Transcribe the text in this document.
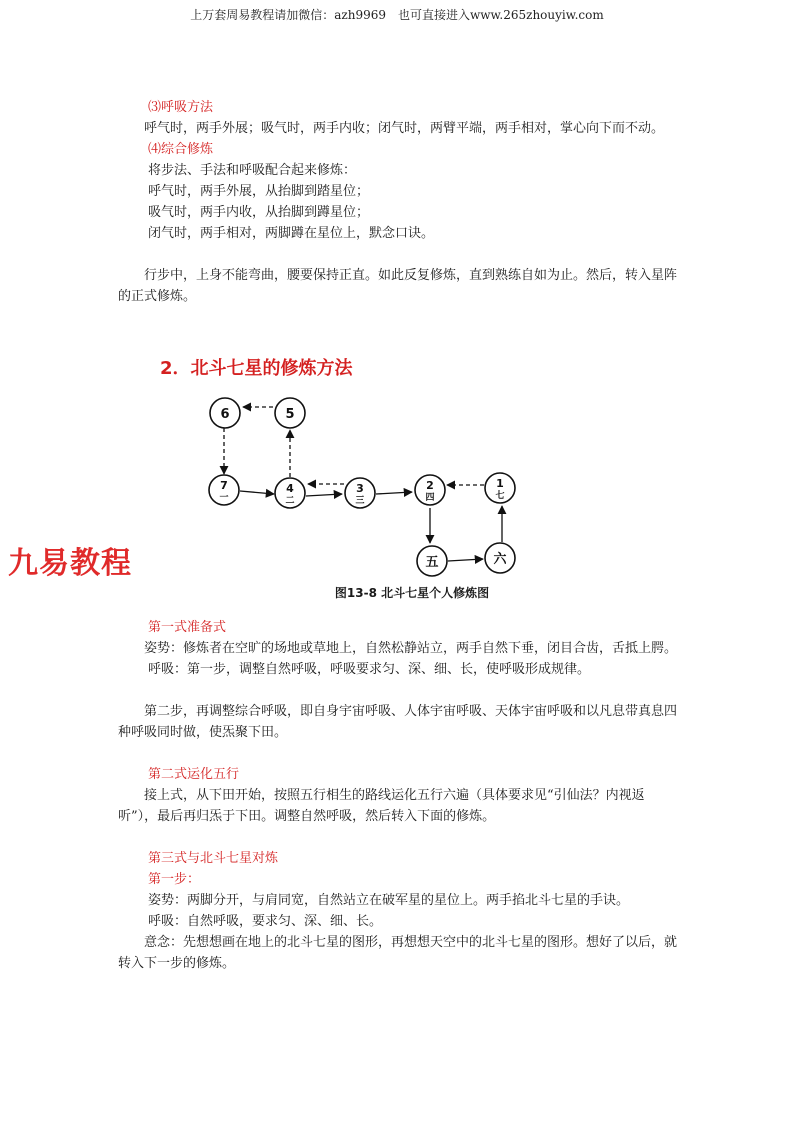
上万套周易教程请加微信：azh9969　也可直接进入www.265zhouyiw.com

⑶呼吸方法

呼气时，两手外展；吸气时，两手内收；闭气时，两臂平端，两手相对，掌心向下而不动。

⑷综合修炼

将步法、手法和呼吸配合起来修炼：

呼气时，两手外展，从抬脚到踏星位；

吸气时，两手内收，从抬脚到蹲星位；

闭气时，两手相对，两脚蹲在星位上，默念口诀。

行步中，上身不能弯曲，腰要保持正直。如此反复修炼，直到熟练自如为止。然后，转入星阵的正式修炼。

2．北斗七星的修炼方法
6	5
7
一
4
二
3
三
2
四
1
七
五	六
九易教程
图13-8 北斗七星个人修炼图

第一式准备式

姿势：修炼者在空旷的场地或草地上，自然松静站立，两手自然下垂，闭目合齿，舌抵上腭。

呼吸：第一步，调整自然呼吸，呼吸要求匀、深、细、长，使呼吸形成规律。

第二步，再调整综合呼吸，即自身宇宙呼吸、人体宇宙呼吸、天体宇宙呼吸和以凡息带真息四种呼吸同时做，使炁聚下田。

第二式运化五行

接上式，从下田开始，按照五行相生的路线运化五行六遍（具体要求见“引仙法？内视返听”），最后再归炁于下田。调整自然呼吸，然后转入下面的修炼。

第三式与北斗七星对炼

第一步：

姿势：两脚分开，与肩同宽，自然站立在破军星的星位上。两手掐北斗七星的手诀。

呼吸：自然呼吸，要求匀、深、细、长。

意念：先想想画在地上的北斗七星的图形，再想想天空中的北斗七星的图形。想好了以后，就转入下一步的修炼。
